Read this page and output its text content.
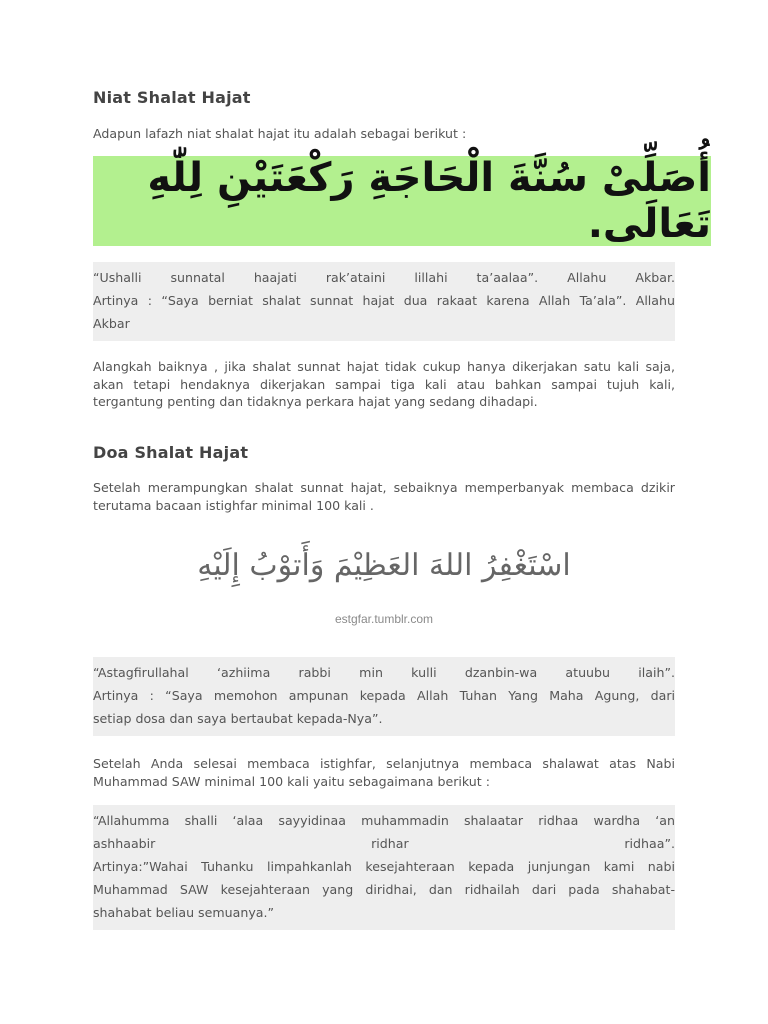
Niat Shalat Hajat

Adapun lafazh niat shalat hajat itu adalah sebagai berikut :

أُصَلِّىْ سُنَّةَ الْحَاجَةِ رَكْعَتَيْنِ لِلّٰهِ تَعَالَى.
“Ushalli sunnatal haajati rak’ataini lillahi ta’aalaa”. Allahu Akbar.
Artinya : “Saya berniat shalat sunnat hajat dua rakaat karena Allah Ta’ala”. Allahu
Akbar

Alangkah baiknya , jika shalat sunnat hajat tidak cukup hanya dikerjakan satu kali saja, akan tetapi hendaknya dikerjakan sampai tiga kali atau bahkan sampai tujuh kali, tergantung penting dan tidaknya perkara hajat yang sedang dihadapi.

Doa Shalat Hajat

Setelah merampungkan shalat sunnat hajat, sebaiknya memperbanyak membaca dzikir terutama bacaan istighfar minimal 100 kali .

اسْتَغْفِرُ اللهَ العَظِيْمَ وَأَتوْبُ إِلَيْهِ
estgfar.tumblr.com
“Astagfirullahal ‘azhiima rabbi min kulli dzanbin-wa atuubu ilaih”.
Artinya : “Saya memohon ampunan kepada Allah Tuhan Yang Maha Agung, dari
setiap dosa dan saya bertaubat kepada-Nya”.

Setelah Anda selesai membaca istighfar, selanjutnya membaca shalawat atas Nabi Muhammad SAW minimal 100 kali yaitu sebagaimana berikut :

“Allahumma shalli ‘alaa sayyidinaa muhammadin shalaatar ridhaa wardha ‘an
ashhaabir ridhar ridhaa”.
Artinya:”Wahai Tuhanku limpahkanlah kesejahteraan kepada junjungan kami nabi
Muhammad SAW kesejahteraan yang diridhai, dan ridhailah dari pada shahabat-
shahabat beliau semuanya.”
